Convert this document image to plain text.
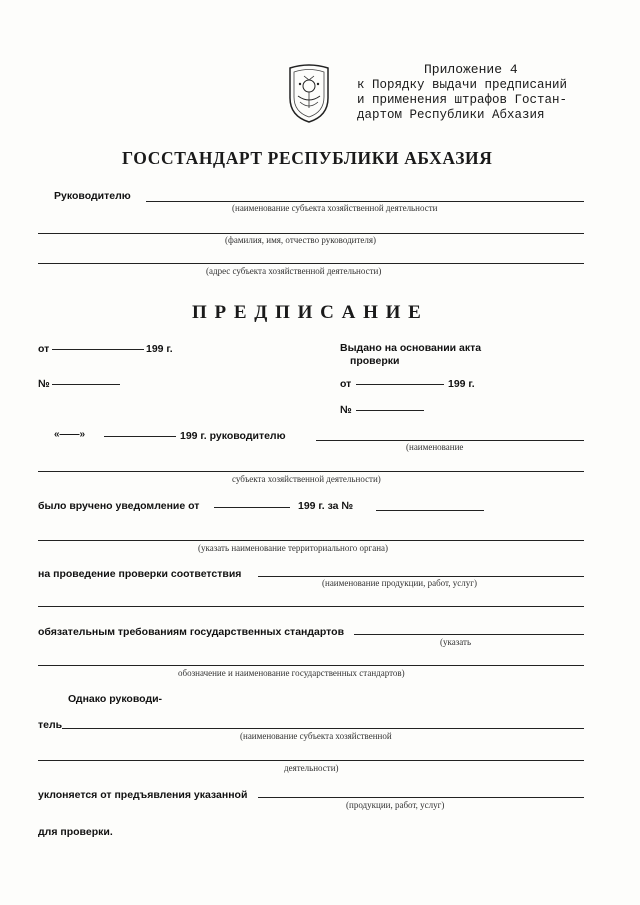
Приложение 4
к Порядку выдачи предписаний
и применения штрафов Гостан-
дартом Республики Абхазия
ГОССТАНДАРТ РЕСПУБЛИКИ АБХАЗИЯ
Руководителю
(наименование субъекта хозяйственной деятельности
(фамилия, имя, отчество руководителя)
(адрес субъекта хозяйственной деятельности)
П Р Е Д П И С А Н И Е
от	199 г.
№
Выдано на основании акта
проверки
от	199 г.
№
«——»	199 г. руководителю
(наименование
субъекта хозяйственной деятельности)
было вручено уведомление от	199 г. за №
(указать наименование территориального органа)
на проведение проверки соответствия
(наименование продукции, работ, услуг)
обязательным требованиям государственных стандартов
(указать
обозначение и наименование государственных стандартов)
Однако руководи-
тель
(наименование субъекта хозяйственной
деятельности)
уклоняется от предъявления указанной
(продукции, работ, услуг)
для проверки.
